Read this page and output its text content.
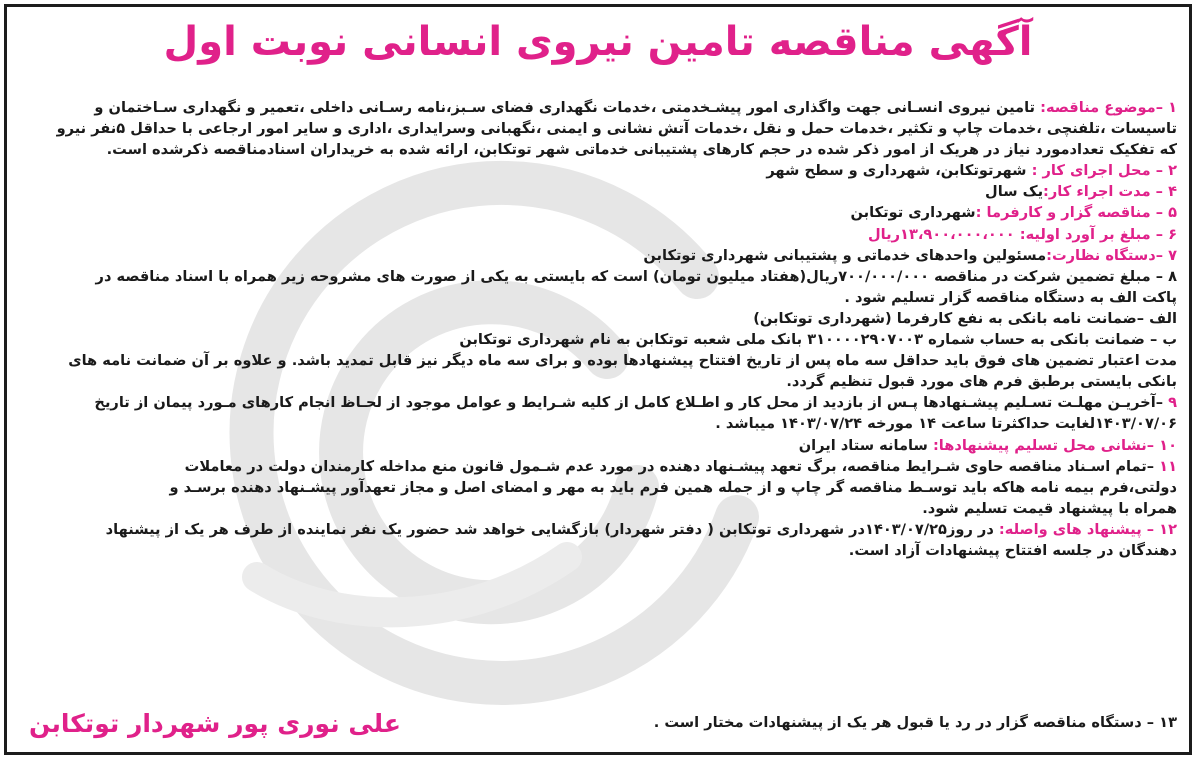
آگهی مناقصه تامین نیروی انسانی نوبت اول
۱ –موضوع مناقصه: تامین نیروی انسـانی جهت واگذاری امور پیشـخدمتی ،خدمات نگهداری فضای سـبز،نامه رسـانی داخلی ،تعمیر و نگهداری سـاختمان و
تاسیسات ،تلفنچی ،خدمات چاپ و تکثیر ،خدمات حمل و نقل ،خدمات آتش نشانی و ایمنی ،نگهبانی وسرایداری ،اداری و سایر امور ارجاعی با حداقل ۵نفر نیرو
که تفکیک تعدادمورد نیاز در هریک از امور ذکر شده در حجم کارهای پشتیبانی خدماتی شهر توتکابن، ارائه شده به خریداران اسنادمناقصه ذکرشده است.
۲ – محل اجرای کار : شهرتوتکابن، شهرداری و سطح شهر
۴ – مدت اجراء کار:یک سال
۵ – مناقصه گزار و کارفرما :شهرداری توتکابن
۶ – مبلغ بر آورد اولیه: ۱۳،۹۰۰،۰۰۰،۰۰۰ریال
۷ –دستگاه نظارت:مسئولین واحدهای خدماتی و پشتیبانی شهرداری توتکابن
۸ – مبلغ تضمین شرکت در مناقصه ۷۰۰/۰۰۰/۰۰۰ریال(هفتاد میلیون تومان) است که بایستی به یکی از صورت های مشروحه زیر همراه با اسناد مناقصه در
پاکت الف به دستگاه مناقصه گزار تسلیم شود .
الف –ضمانت نامه بانکی به نفع کارفرما (شهرداری توتکابن)
ب – ضمانت بانکی به حساب شماره ۳۱۰۰۰۰۲۹۰۷۰۰۳ بانک ملی شعبه توتکابن به نام شهرداری توتکابن
مدت اعتبار تضمین های فوق باید حداقل سه ماه پس از تاریخ افتتاح پیشنهادها بوده و برای سه ماه دیگر نیز قابل تمدید باشد. و علاوه بر آن ضمانت نامه های
بانکی بایستی برطبق فرم های مورد قبول تنظیم گردد.
۹ –آخریـن مهلـت تسـلیم پیشـنهادها پـس از بازدید از محل کار و اطـلاع کامل از کلیه شـرایط و عوامل موجود از لحـاظ انجام کارهای مـورد پیمان از تاریخ
۱۴۰۳/۰۷/۰۶لغایت حداکثرتا ساعت ۱۴ مورخه ۱۴۰۳/۰۷/۲۴ میباشد .
۱۰ –نشانی محل تسلیم پیشنهادها: سامانه ستاد ایران
۱۱ –تمام اسـناد مناقصه حاوی شـرایط مناقصه، برگ تعهد پیشـنهاد دهنده در مورد عدم شـمول قانون منع مداخله کارمندان دولت در معاملات
دولتی،فرم بیمه نامه هاکه باید توسـط مناقصه گر چاپ و از جمله همین فرم باید به مهر و امضای اصل و مجاز تعهدآور پیشـنهاد دهنده برسـد و
همراه با پیشنهاد قیمت تسلیم شود.
۱۲ – پیشنهاد های واصله: در روز۱۴۰۳/۰۷/۲۵در شهرداری توتکابن ( دفتر شهردار) بازگشایی خواهد شد حضور یک نفر نماینده از طرف هر یک از پیشنهاد
دهندگان در جلسه افتتاح پیشنهادات آزاد است.
۱۳ – دستگاه مناقصه گزار در رد یا قبول هر یک از پیشنهادات مختار است .
علی نوری پور شهردار توتکابن
